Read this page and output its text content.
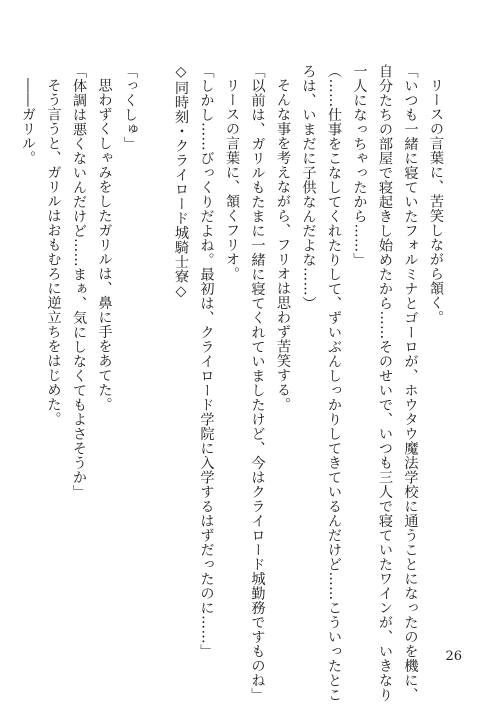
リースの言葉に、苦笑しながら頷く。
「いつも一緒に寝ていたフォルミナとゴーロが、ホウタウ魔法学校に通うことになったのを機に、
自分たちの部屋で寝起きし始めたから……そのせいで、いつも三人で寝ていたワインが、いきなり
一人になっちゃったから……」
（……仕事をこなしてくれたりして、ずいぶんしっかりしてきているんだけど……こういったとこ
ろは、いまだに子供なんだよな……）
そんな事を考えながら、フリオは思わず苦笑する。
「以前は、ガリルもたまに一緒に寝てくれていましたけど、今はクライロード城勤務ですものね」
リースの言葉に、頷くフリオ。
「しかし……びっくりだよね。最初は、クライロード学院に入学するはずだったのに……」
◇同時刻・クライロード城騎士寮◇
「っくしゅ」
思わずくしゃみをしたガリルは、鼻に手をあてた。
「体調は悪くないんだけど……まぁ、気にしなくてもよさそうか」
そう言うと、ガリルはおもむろに逆立ちをはじめた。
――ガリル。
26
